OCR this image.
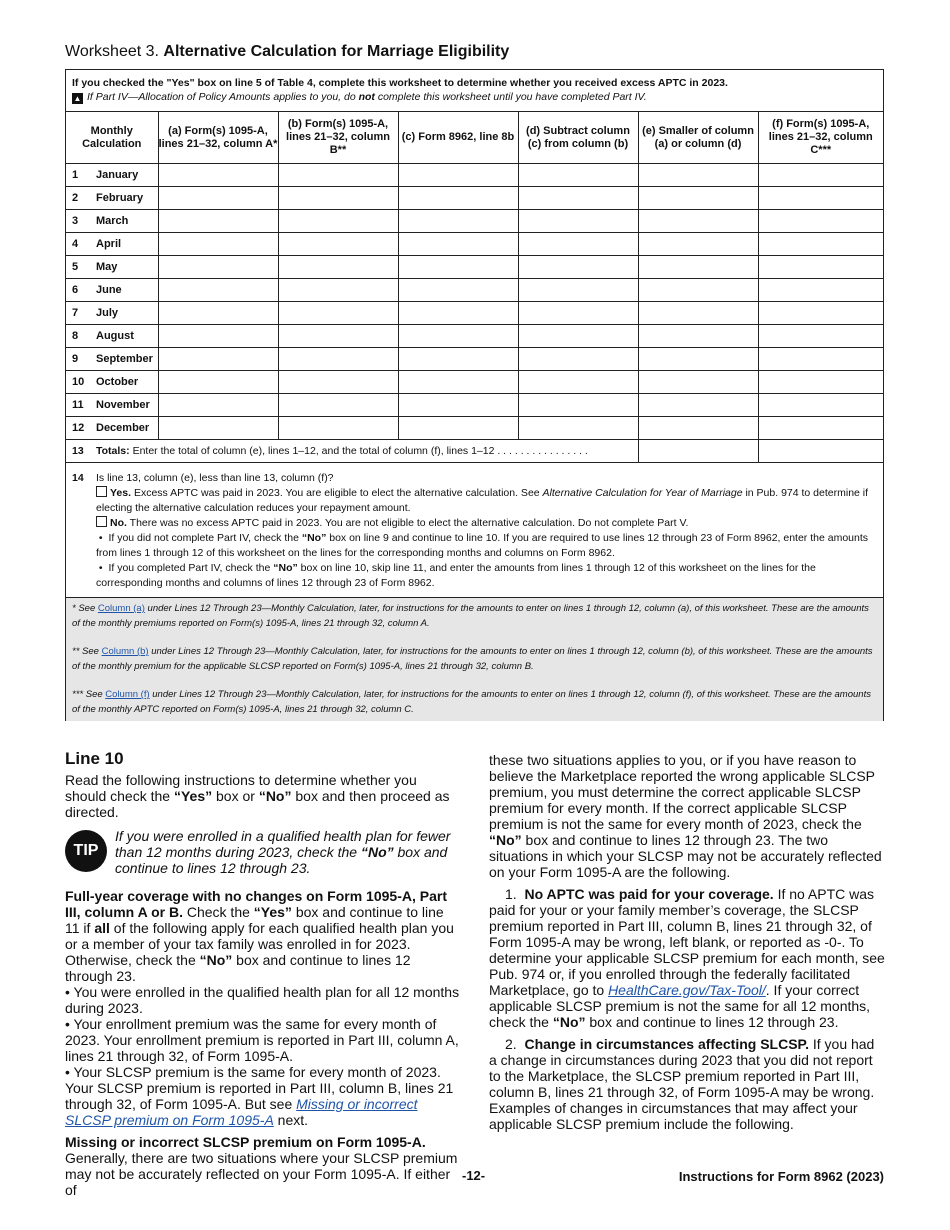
Worksheet 3. Alternative Calculation for Marriage Eligibility
If you checked the "Yes" box on line 5 of Table 4, complete this worksheet to determine whether you received excess APTC in 2023.
▲ If Part IV—Allocation of Policy Amounts applies to you, do not complete this worksheet until you have completed Part IV.
Monthly Calculation	(a) Form(s) 1095-A, lines 21–32, column A*	(b) Form(s) 1095-A, lines 21–32, column B**	(c) Form 8962, line 8b	(d) Subtract column (c) from column (b)	(e) Smaller of column (a) or column (d)	(f) Form(s) 1095-A, lines 21–32, column C***
1 January						
2 February						
3 March						
4 April						
5 May						
6 June						
7 July						
8 August						
9 September						
10 October						
11 November						
12 December						
13 Totals: Enter the total of column (e), lines 1–12, and the total of column (f), lines 1–12 . . . . . . . . . . . . . . . .						
14 Is line 13, column (e), less than line 13, column (f)?
Yes. Excess APTC was paid in 2023. You are eligible to elect the alternative calculation. See Alternative Calculation for Year of Marriage in Pub. 974 to determine if electing the alternative calculation reduces your repayment amount.
No. There was no excess APTC paid in 2023. You are not eligible to elect the alternative calculation. Do not complete Part V.
•  If you did not complete Part IV, check the “No” box on line 9 and continue to line 10. If you are required to use lines 12 through 23 of Form 8962, enter the amounts from lines 1 through 12 of this worksheet on the lines for the corresponding months and columns on Form 8962.
•  If you completed Part IV, check the “No” box on line 10, skip line 11, and enter the amounts from lines 1 through 12 of this worksheet on the lines for the corresponding months and columns of lines 12 through 23 of Form 8962.
* See Column (a) under Lines 12 Through 23—Monthly Calculation, later, for instructions for the amounts to enter on lines 1 through 12, column (a), of this worksheet. These are the amounts of the monthly premiums reported on Form(s) 1095-A, lines 21 through 32, column A.
** See Column (b) under Lines 12 Through 23—Monthly Calculation, later, for instructions for the amounts to enter on lines 1 through 12, column (b), of this worksheet. These are the amounts of the monthly premium for the applicable SLCSP reported on Form(s) 1095-A, lines 21 through 32, column B.
*** See Column (f) under Lines 12 Through 23—Monthly Calculation, later, for instructions for the amounts to enter on lines 1 through 12, column (f), of this worksheet. These are the amounts of the monthly APTC reported on Form(s) 1095-A, lines 21 through 32, column C.
Line 10

Read the following instructions to determine whether you should check the “Yes” box or “No” box and then proceed as directed.

TIP
If you were enrolled in a qualified health plan for fewer than 12 months during 2023, check the “No” box and continue to lines 12 through 23.

Full-year coverage with no changes on Form 1095-A, Part III, column A or B. Check the “Yes” box and continue to line 11 if all of the following apply for each qualified health plan you or a member of your tax family was enrolled in for 2023. Otherwise, check the “No” box and continue to lines 12 through 23.
• You were enrolled in the qualified health plan for all 12 months during 2023.
• Your enrollment premium was the same for every month of 2023. Your enrollment premium is reported in Part III, column A, lines 21 through 32, of Form 1095-A.
• Your SLCSP premium is the same for every month of 2023. Your SLCSP premium is reported in Part III, column B, lines 21 through 32, of Form 1095-A. But see Missing or incorrect SLCSP premium on Form 1095-A next.

Missing or incorrect SLCSP premium on Form 1095-A. Generally, there are two situations where your SLCSP premium may not be accurately reflected on your Form 1095-A. If either of

these two situations applies to you, or if you have reason to believe the Marketplace reported the wrong applicable SLCSP premium, you must determine the correct applicable SLCSP premium for every month. If the correct applicable SLCSP premium is not the same for every month of 2023, check the “No” box and continue to lines 12 through 23. The two situations in which your SLCSP may not be accurately reflected on your Form 1095-A are the following.

1. No APTC was paid for your coverage. If no APTC was paid for your or your family member’s coverage, the SLCSP premium reported in Part III, column B, lines 21 through 32, of Form 1095-A may be wrong, left blank, or reported as -0-. To determine your applicable SLCSP premium for each month, see Pub. 974 or, if you enrolled through the federally facilitated Marketplace, go to HealthCare.gov/Tax-Tool/. If your correct applicable SLCSP premium is not the same for all 12 months, check the “No” box and continue to lines 12 through 23.

2. Change in circumstances affecting SLCSP. If you had a change in circumstances during 2023 that you did not report to the Marketplace, the SLCSP premium reported in Part III, column B, lines 21 through 32, of Form 1095-A may be wrong. Examples of changes in circumstances that may affect your applicable SLCSP premium include the following.

-12-	Instructions for Form 8962 (2023)
